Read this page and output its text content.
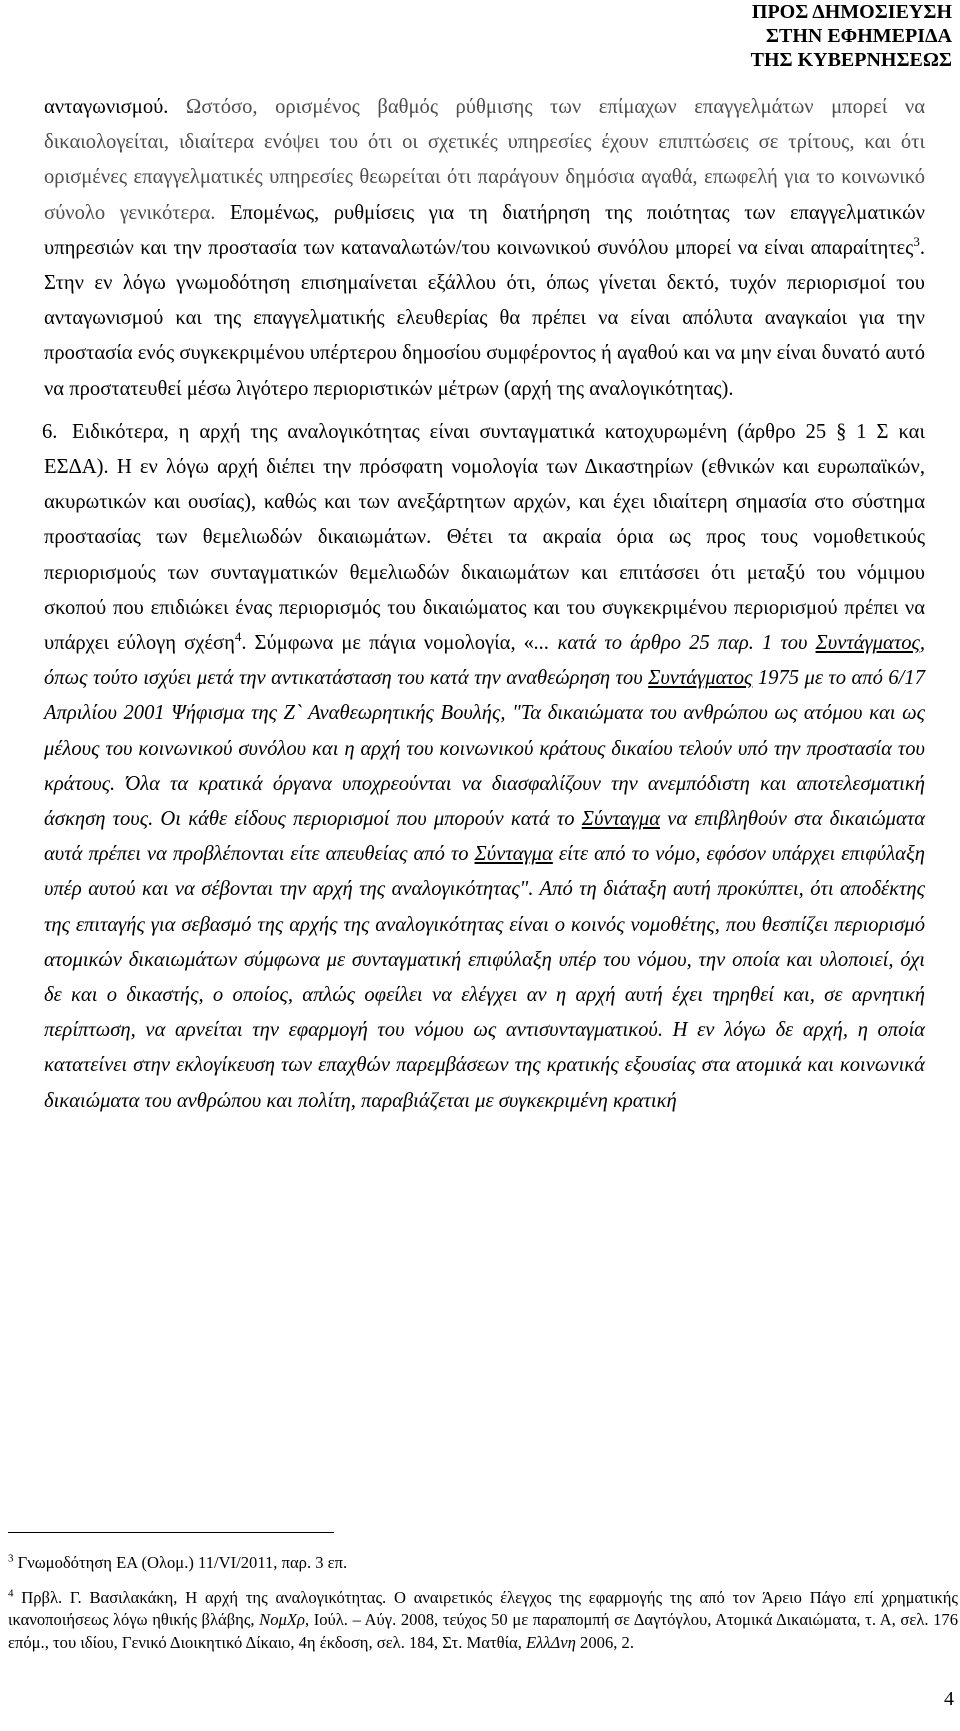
ΠΡΟΣ ΔΗΜΟΣΙΕΥΣΗ
ΣΤΗΝ ΕΦΗΜΕΡΙΔΑ
ΤΗΣ ΚΥΒΕΡΝΗΣΕΩΣ

ανταγωνισμού. Ωστόσο, ορισμένος βαθμός ρύθμισης των επίμαχων επαγγελμάτων μπορεί να δικαιολογείται, ιδιαίτερα ενόψει του ότι οι σχετικές υπηρεσίες έχουν επιπτώσεις σε τρίτους, και ότι ορισμένες επαγγελματικές υπηρεσίες θεωρείται ότι παράγουν δημόσια αγαθά, επωφελή για το κοινωνικό σύνολο γενικότερα. Επομένως, ρυθμίσεις για τη διατήρηση της ποιότητας των επαγγελματικών υπηρεσιών και την προστασία των καταναλωτών/του κοινωνικού συνόλου μπορεί να είναι απαραίτητες$^3$. Στην εν λόγω γνωμοδότηση επισημαίνεται εξάλλου ότι, όπως γίνεται δεκτό, τυχόν περιορισμοί του ανταγωνισμού και της επαγγελματικής ελευθερίας θα πρέπει να είναι απόλυτα αναγκαίοι για την προστασία ενός συγκεκριμένου υπέρτερου δημοσίου συμφέροντος ή αγαθού και να μην είναι δυνατό αυτό να προστατευθεί μέσω λιγότερο περιοριστικών μέτρων (αρχή της αναλογικότητας).

6. Ειδικότερα, η αρχή της αναλογικότητας είναι συνταγματικά κατοχυρωμένη (άρθρο 25 § 1 Σ και ΕΣΔΑ). Η εν λόγω αρχή διέπει την πρόσφατη νομολογία των Δικαστηρίων (εθνικών και ευρωπαϊκών, ακυρωτικών και ουσίας), καθώς και των ανεξάρτητων αρχών, και έχει ιδιαίτερη σημασία στο σύστημα προστασίας των θεμελιωδών δικαιωμάτων. Θέτει τα ακραία όρια ως προς τους νομοθετικούς περιορισμούς των συνταγματικών θεμελιωδών δικαιωμάτων και επιτάσσει ότι μεταξύ του νόμιμου σκοπού που επιδιώκει ένας περιορισμός του δικαιώματος και του συγκεκριμένου περιορισμού πρέπει να υπάρχει εύλογη σχέση$^4$. Σύμφωνα με πάγια νομολογία, «... κατά το άρθρο 25 παρ. 1 του Συντάγματος, όπως τούτο ισχύει μετά την αντικατάσταση του κατά την αναθεώρηση του Συντάγματος 1975 με το από 6/17 Απριλίου 2001 Ψήφισμα της Ζ` Αναθεωρητικής Βουλής, "Τα δικαιώματα του ανθρώπου ως ατόμου και ως μέλους του κοινωνικού συνόλου και η αρχή του κοινωνικού κράτους δικαίου τελούν υπό την προστασία του κράτους. Όλα τα κρατικά όργανα υποχρεούνται να διασφαλίζουν την ανεμπόδιστη και αποτελεσματική άσκηση τους. Οι κάθε είδους περιορισμοί που μπορούν κατά το Σύνταγμα να επιβληθούν στα δικαιώματα αυτά πρέπει να προβλέπονται είτε απευθείας από το Σύνταγμα είτε από το νόμο, εφόσον υπάρχει επιφύλαξη υπέρ αυτού και να σέβονται την αρχή της αναλογικότητας". Από τη διάταξη αυτή προκύπτει, ότι αποδέκτης της επιταγής για σεβασμό της αρχής της αναλογικότητας είναι ο κοινός νομοθέτης, που θεσπίζει περιορισμό ατομικών δικαιωμάτων σύμφωνα με συνταγματική επιφύλαξη υπέρ του νόμου, την οποία και υλοποιεί, όχι δε και ο δικαστής, ο οποίος, απλώς οφείλει να ελέγχει αν η αρχή αυτή έχει τηρηθεί και, σε αρνητική περίπτωση, να αρνείται την εφαρμογή του νόμου ως αντισυνταγματικού. Η εν λόγω δε αρχή, η οποία κατατείνει στην εκλογίκευση των επαχθών παρεμβάσεων της κρατικής εξουσίας στα ατομικά και κοινωνικά δικαιώματα του ανθρώπου και πολίτη, παραβιάζεται με συγκεκριμένη κρατική

$^3$ Γνωμοδότηση ΕΑ (Ολομ.) 11/VI/2011, παρ. 3 επ.

$^4$ Πρβλ. Γ. Βασιλακάκη, Η αρχή της αναλογικότητας. Ο αναιρετικός έλεγχος της εφαρμογής της από τον Άρειο Πάγο επί χρηματικής ικανοποιήσεως λόγω ηθικής βλάβης, ΝομΧρ, Ιούλ. – Αύγ. 2008, τεύχος 50 με παραπομπή σε Δαγτόγλου, Ατομικά Δικαιώματα, τ. Α, σελ. 176 επόμ., του ιδίου, Γενικό Διοικητικό Δίκαιο, 4η έκδοση, σελ. 184, Στ. Ματθία, ΕλλΔνη 2006, 2.

4
